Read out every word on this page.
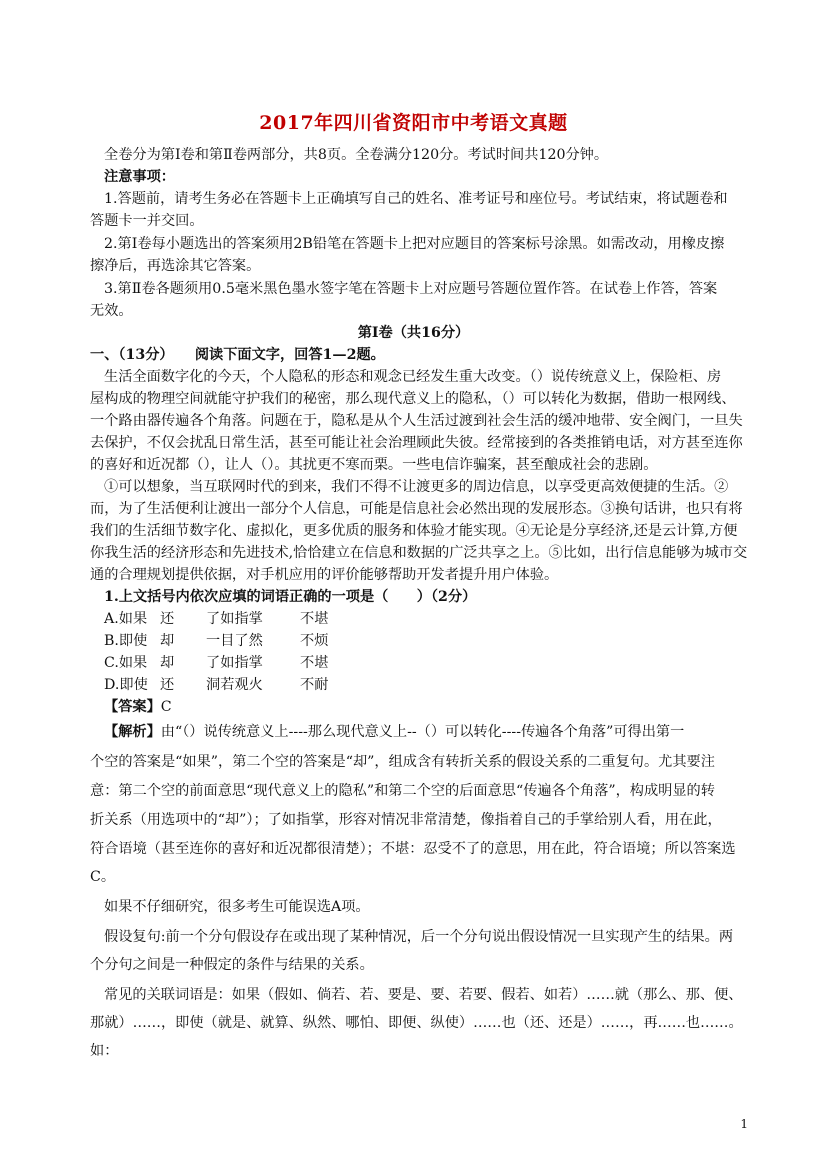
2017年四川省资阳市中考语文真题
全卷分为第Ⅰ卷和第Ⅱ卷两部分，共8页。全卷满分120分。考试时间共120分钟。
注意事项：
1.答题前，请考生务必在答题卡上正确填写自己的姓名、准考证号和座位号。考试结束，将试题卷和
答题卡一并交回。
2.第Ⅰ卷每小题选出的答案须用2B铅笔在答题卡上把对应题目的答案标号涂黑。如需改动，用橡皮擦
擦净后，再选涂其它答案。
3.第Ⅱ卷各题须用0.5毫米黑色墨水签字笔在答题卡上对应题号答题位置作答。在试卷上作答，答案
无效。
第Ⅰ卷（共16分）
一、（13分）　　阅读下面文字，回答1—2题。
生活全面数字化的今天，个人隐私的形态和观念已经发生重大改变。（）说传统意义上，保险柜、房
屋构成的物理空间就能守护我们的秘密，那么现代意义上的隐私，（）可以转化为数据，借助一根网线、
一个路由器传遍各个角落。问题在于，隐私是从个人生活过渡到社会生活的缓冲地带、安全阀门，一旦失
去保护，不仅会扰乱日常生活，甚至可能让社会治理顾此失彼。经常接到的各类推销电话，对方甚至连你
的喜好和近况都（），让人（）。其扰更不寒而栗。一些电信诈骗案，甚至酿成社会的悲剧。
①可以想象，当互联网时代的到来，我们不得不让渡更多的周边信息，以享受更高效便捷的生活。②
而，为了生活便利让渡出一部分个人信息，可能是信息社会必然出现的发展形态。③换句话讲，也只有将
我们的生活细节数字化、虚拟化，更多优质的服务和体验才能实现。④无论是分享经济,还是云计算,方便
你我生活的经济形态和先进技术,恰恰建立在信息和数据的广泛共享之上。⑤比如，出行信息能够为城市交
通的合理规划提供依据，对手机应用的评价能够帮助开发者提升用户体验。
1.上文括号内依次应填的词语正确的一项是（　　）（2分）
A.如果 还 了如指掌	不堪
B.即使 却 一目了然	不烦
C.如果 却 了如指掌	不堪
D.即使 还 洞若观火	不耐
【答案】C
【解析】由“（）说传统意义上----那么现代意义上--（）可以转化----传遍各个角落”可得出第一
个空的答案是“如果”，第二个空的答案是“却”，组成含有转折关系的假设关系的二重复句。尤其要注
意：第二个空的前面意思“现代意义上的隐私”和第二个空的后面意思“传遍各个角落”，构成明显的转
折关系（用选项中的“却”）；了如指掌，形容对情况非常清楚，像指着自己的手掌给别人看，用在此，
符合语境（甚至连你的喜好和近况都很清楚）；不堪：忍受不了的意思，用在此，符合语境；所以答案选
C。
如果不仔细研究，很多考生可能误选A项。
假设复句:前一个分句假设存在或出现了某种情况，后一个分句说出假设情况一旦实现产生的结果。两
个分句之间是一种假定的条件与结果的关系。
常见的关联词语是：如果（假如、倘若、若、要是、要、若要、假若、如若）……就（那么、那、便、
那就）……，即使（就是、就算、纵然、哪怕、即便、纵使）……也（还、还是）……，再……也……。
如：
1
